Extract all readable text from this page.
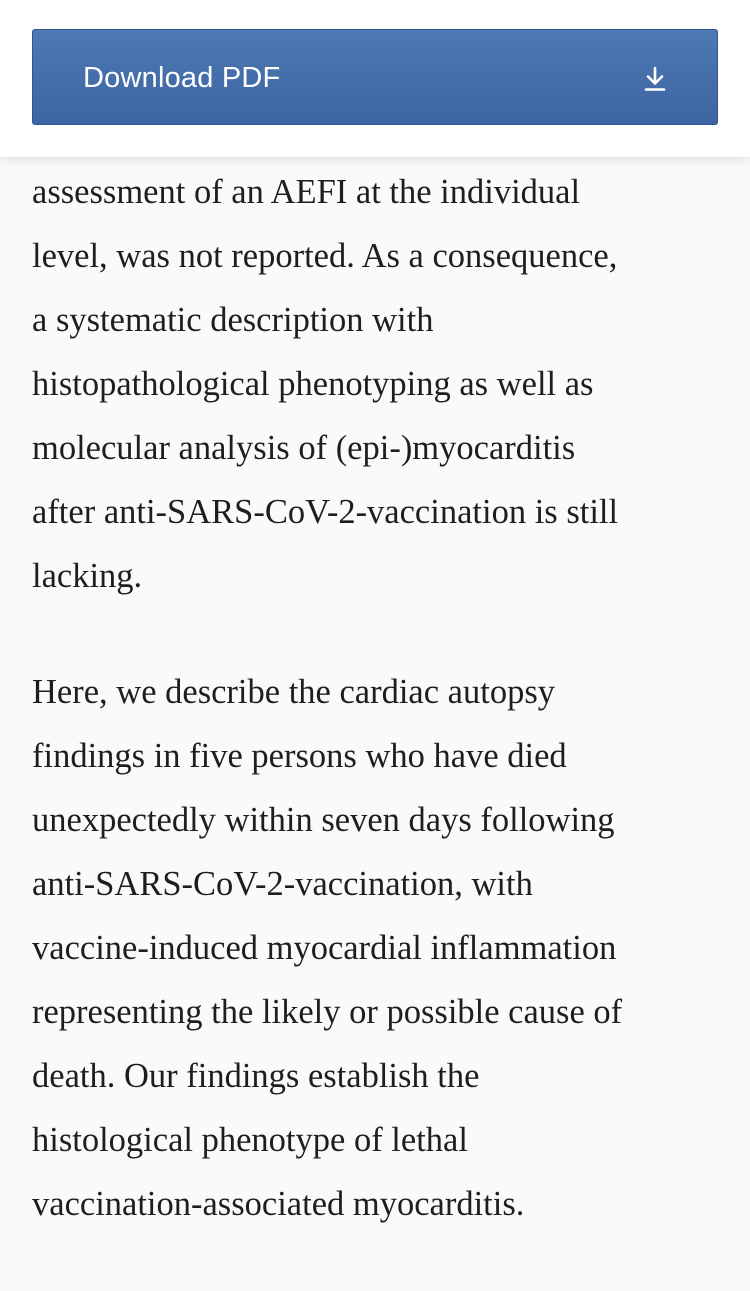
Download PDF

assessment of an AEFI at the individual
level, was not reported. As a consequence,
a systematic description with
histopathological phenotyping as well as
molecular analysis of (epi-)myocarditis
after anti-SARS-CoV-2-vaccination is still
lacking.

Here, we describe the cardiac autopsy
findings in five persons who have died
unexpectedly within seven days following
anti-SARS-CoV-2-vaccination, with
vaccine-induced myocardial inflammation
representing the likely or possible cause of
death. Our findings establish the
histological phenotype of lethal
vaccination-associated myocarditis.
